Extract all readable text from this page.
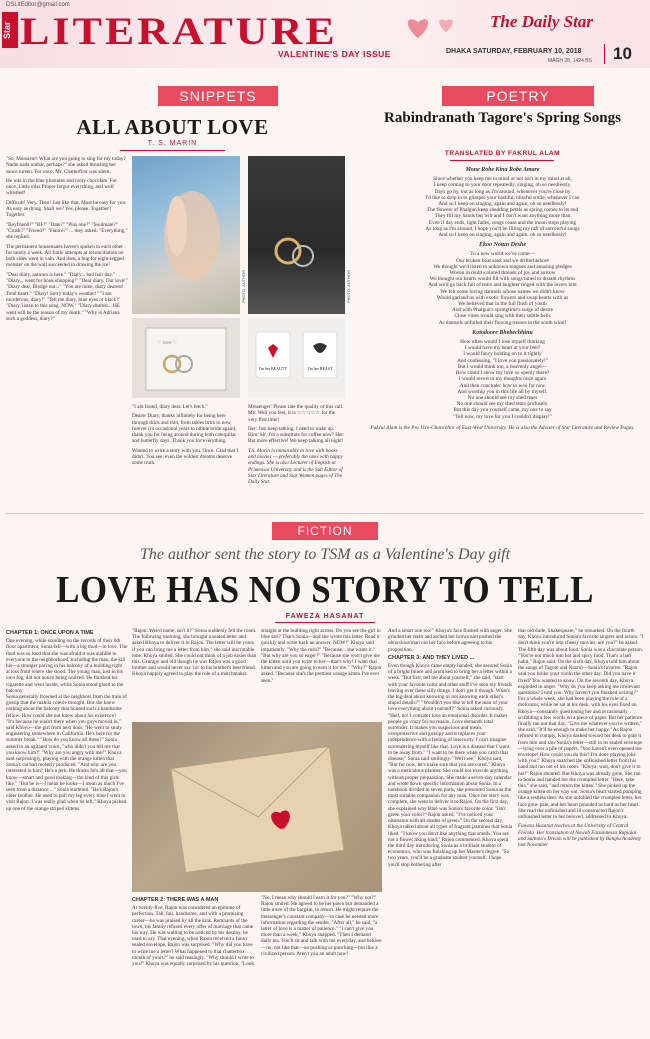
DSLitEditor@gmail.com
Star LITERATURE
VALENTINE'S DAY ISSUE
The Daily Star
DHAKA SATURDAY, FEBRUARY 10, 2018
MAGH 28, 1424 BS	10
SNIPPETS
ALL ABOUT LOVE
T. S. MARIN

"So, Monsieur! What are you going to sing for my today? Nadie nada umbar, perhaps?" she asked thrusting her sauce tureen. For once, Mr. Chatterfirst was silent.

He was in the blue plumules and ivory chocolate. For once, Little miss Proper forgot everything, and wolf whistled!

Difficult! Very. Then! Just like that. Must be easy for you. As easy as dying. Shall we? Yes, please. Together? Together.

"Boyfriend?" "BF!" "Date?" "Plus one?" "Soulmate?" "Crush?" "Friend?" "Fiancé?" ... they asked. "Everything," she replied.

The permanent housemates haven't spoken to each other for nearly a week. All futile attempts at reconciliation on both sides went in vain. And then, a bug for eight-legged monster on the wall succeeded in drawing the ice!

"Dear diary, autumn is here." "Diary... bad hair day." "Diary... went for book shopping!" "Dear diary, Our love!" "Diary dear, Blodge nut..." "You are mine, diary dearest! Total heart." "Diary! Sorry today's weather!" "I am murderous, diary!" "Tell me diary, blue eyes or black?" "Diary, listen to this song. NOW." "Diary dearest... HE went will be the reason of my death." "Why is Adriana such a goddess, diary?"

PHOTO: AUTHOR	PHOTO: AUTHOR
♡ love ♡
I'm her BEAUTY	I'm her BEAST

"I am found, diary dear. Let's fetch."

Dearer Diary, thanks infinitely for being here through thick and thin, from tables brim to now, forever (in occasional years to nibble bride again), thank you for being around during both caterpillar and butterfly days. Thank you for everything.

Wanted to write a story with you. Once. Glad that I didn't. You see, even the wildest dreams deserve some truth.

Messenger: Please rate the quality of this call. Me: Well you feel, it is ☆☆☆☆☆ for the very first time!

Her: Just keep talking. I need to wake up. Him: Sir, I'm a substitute for coffee now? Her: But more effective! We keep talking all night!

T.S. Marin is immovable in love with books and movies — preferably the ones with happy endings. She is also Lecturer of English at Primeasia University and is the Sub Editor of Star Literature and Star Women pages of The Daily Star.

POETRY
Rabindranath Tagore's Spring Songs
TRANSLATED BY FAKRUL ALAM
Mone Robe Kina Robe Amare
Since whether you keep me in mind or not isn't in my mind at all,
I keep coming to your door repeatedly, singing, oh so needlessly.
Days go by, but as long as I'm around, whenever you're close by
I'd like to drop in to glimpse your bashful, blissful smile, whenever I can
And so I keep on singing, again and again, oh so needlessly!
The flowers of Phalgun keep shedding petals as spring comes to its end
They fill my hands but wilt and I don't want anything more than
Even if day ends, light fades, songs cease and the moon stops playing
As long as I'm around, I hope you'll be filling my raft of sorrowful songs
And so I keep on singing, again and again, oh so needlessly!
Ekoo Notun Deshe
To a new world we've come—
Our broken boat sank and we drifted ashore
We thought we'd listen to unknown tongues and amazing pledges
Woven in multi-colored threads of joy and sorrow
We thought our hearts would fill with songs tuned to distant rhythms
And we'd go back full of tears and laughter tinged with the lovers hint
We felt some loving damsels whose names we didn't know
Would garland us with exotic flowers and swap hearts with us
We believed that in the full flush of youth
And with Phalgun's springtime's surge of desire
Close vines would sing with their subtle bells
As damsels unfurled their flowing tresses in the south wind!
Kotodoore Bhebechhinu
How often would I lose myself thinking
I would have my heart at your feet?
I would fancy holding on to it tightly
And confessing, "I love you passionately!"
But I would think too, a heavenly angel—
How could I show my love so openly there?
I would revert to my thoughts once again
And then conclude: how to woo far now
And worship you in this life all by myself.
No one should see my shed tears
No one should see my shed tears profusely.
But this day you yourself came, my one to say
"Tell now, my love for you I couldn't display!"
Fakrul Alam is the Pro Vice-Chancellor of East-West University. He is also the Adviser of Star Literature and Review Pages.
FICTION
The author sent the story to TSM as a Valentine's Day gift
LOVE HAS NO STORY TO TELL
FAWEZA HASANAT
CHAPTER 1: ONCE UPON A TIME

One evening, while standing on the records of their 6th floor apartment, Sonia fell—with a big thud—in love. The thud was so loud that she was afraid it was audible to everyone in the neighborhood, including the man, the kill his—a stranger pacing in his balcony of a building right across from where she stood. The young man, lost in his own fog, did not notice being noticed. He finished his cigarette and went inside, while Sonia stood glued to the balcony.

Sonia generally frowned at the neighbors from the train of gossip that the mahila coterie brought. But she knew nothing about the balcony that housed such a handsome fellow. How could she not know about his existence?

"It's because he wasn't there when you guys moved in," said Khoyo—the girl from next door. "He went to study engineering somewhere in California. He's here for the summer break." "How do you know all these?" Sonia asked in an agitated voice, "who didn't you tell me that you know him?" "Why are you angry with me?" Khoya said surprisingly, playing with the orange kitten that Sonia's cat had recently produced. "And why are you interested in him? He's a jerk. He thinks he's all that—you know—smart and good looking—the kind of this girls like." "But he is—I mean he looks—I mean as much I've seen from a distance ..." Sonia stuttered. "He's Rajon's older brother. He used to pull my leg every time I went to visit Rajon. I was really glad when he left," Khoya picked up one of the orange striped kittens.

"Rajon: Weird name, isn't it?" Sonia suddenly felt the room. The following morning, she brought a sealed letter and asked Khoya to deliver it to Rajon. The letter will be yours if you can bring me a letter from him," she said inscrutable tone. Khoya smiled. She could not think of a job easier than this. Grumpy and old though he was Rajon was a good brother and would never say 'no' to his brother's best friend. Khoya happily agreed to play the role of a matchmaker.

CHAPTER 2: THERE WAS A MAN

At twenty-five, Rajon was considered an epitome of perfection. Tall, fair, handsome, and with a promising career—he was praised by all the kins. Remnants of the town, his family refused every offer of marriage that came his way. He was waiting to be noticed by his destiny, he used to say. That evening, when Rajon received a funny sealed envelope, Rajon was surprised. "Why did you have to write me a letter? What happened to that chatterbox mouth of yours?" he said teasingly. "Why should I write to you?" Khoya was equally surprised by his question. "Look

straight at the building right across. Do you see the girl in blue sari? That's Sonia—and she wrote this letter. Read it quickly and write back an answer, NOW!" Khoya said impatiently. "Why the rush?" "Because... she wants it." "But why are you so eager?" "Because she won't give me the kitten until you write to her—that's why! I want that kitten and you are going to earn it for me." "Why?" Rajon asked. "Because she's the prettiest orange kitten I've ever seen."

"No, I mean why should I earn it for you?" "Why not?" Rajon smiled. He agreed to be her pawn but demanded a little more of the bargain, in return. He might require the messenger's constant company—in case he needed more information regarding the sender. "After all," he said, "a letter of love is a matter of patience." "I can't give you more than a week," Khoya snapped. "Then I demand daily tea. You'll sit and talk with me everyday, and behave—no, not like that—no pushing or punching—but like a civilized person. Aren't you an adult now!

And a smart one too!" Khoya's face flushed with anger. She grinded her teeth and arched her brows and pushed the obnoxious man out her face before agreeing to his proposition.

CHAPTER 3: AND THEY LIVED ...

Even though Khoya came empty handed, she assured Sonia of a bright future and promised to bring her a letter within a week. "But first, tell me about yourself," she said, "start with your favorite color and other stuff I've seen my friends leaving over these silly things. I don't get it though. What's the big deal about knowing or not knowing each other's stupid details?" "Wouldn't you like to tell the man of your love everything about yourself?" Sonia asked curiously. "Hell, no! I consider love an emotional disorder. It makes people go crazy for no reason. Love demands total surrender. It makes you suspicious and mean, overprotective and gossipy and it replaces your independence with a feeling of insecurity. I can't imagine surrendering myself like that. Love is a disease that I want to be away from." "I want to be there when you catch that disease," Sonia said smilingly. "We'll see," Khoya said, "But for now, let's make sure that you are cured." Khoya was a meticulous planner. She could not execute anything without proper preparation. She made a seven-day calendar and wrote down specific information about Sonia. In a notebook divided in seven parts, she presented Sonia as the most suitable companion for any man. Once her story was complete, she went to deliver it to Rajon. On the first day, she explained why Blue was Sonia's favorite color. "Isn't green your color?" Rajon asked. "I've noticed your obsession with all shades of green." On the second day, Khoya talked about all types of fragrant jasmines that Sonia liked. "I know you don't like anything that smells. You are not a flower liking kind," Rajon commented. Khoya spent the third day introducing Sonia as a brilliant student of economics, who was finishing up her Master's degree. "So two years, you'll be a graduate student yourself. I hope you'll stop bothering after

that old dude, Shakespeare," he remarked. On the fourth day, Khoya introduced Sonia's favorite singers and actors. "I don't think you're into cheesy movies, are you?" he asked. The fifth day was about food. Sonia was a chocolate person. "You're not much into hot and spicy food. That's a bad habit," Rajon said. On the sixth day, Khoya told him about the songs of Tagore and Nazrul—Sonia's favorite. "Rajon said you broke your violin the other day. Did you have it fixed? You wanted to know. On the seventh day, Khoya exploded in anger. "Why do you keep asking me irrelevant questions? I told you: Why haven't you finished writing?" For a whole week, she had been playing the role of a motivator, while he sat at his desk, with his eyes fixed on Khoya—constantly questioning her and occasionally scribbling a few words on a piece of paper. But her patience finally ran out that day. "Give me whatever you've written," she said, "It'll be enough to make her happy." As Rajon refused to comply, Khoya dashed toward his desk to grab it from him and saw Sonia's letter—still in its sealed envelope—lying over a pile of papers. "You haven't even opened the envelope! How could you do this? I'm done playing joke with you!" Khoya snatched the unfinished letter from his hand and ran out of his room. "Khoya, wait, don't give it to her!" Rajon shouted. But Khoya was already gone. She ran to Sonia and handed her the crumpled letter. "Here, take this," she said, "and return the kitten." She picked up the orange kitten on her way out. Sonia's heart started pumping like a restless deer. As she unfolded the crumpled letter, her face grew pale, and her heart pounded as hard as her heart. She read the unfinished and ill-constructed Rajon's unfinished letter to her beloved, addressed to Khoya.

Faweza Hasanat teaches at the University of Central Florida. Her translation of Nawab Faizunnessa Rupjalal and Sultana's Dream will be published by Bangla Academy last November
